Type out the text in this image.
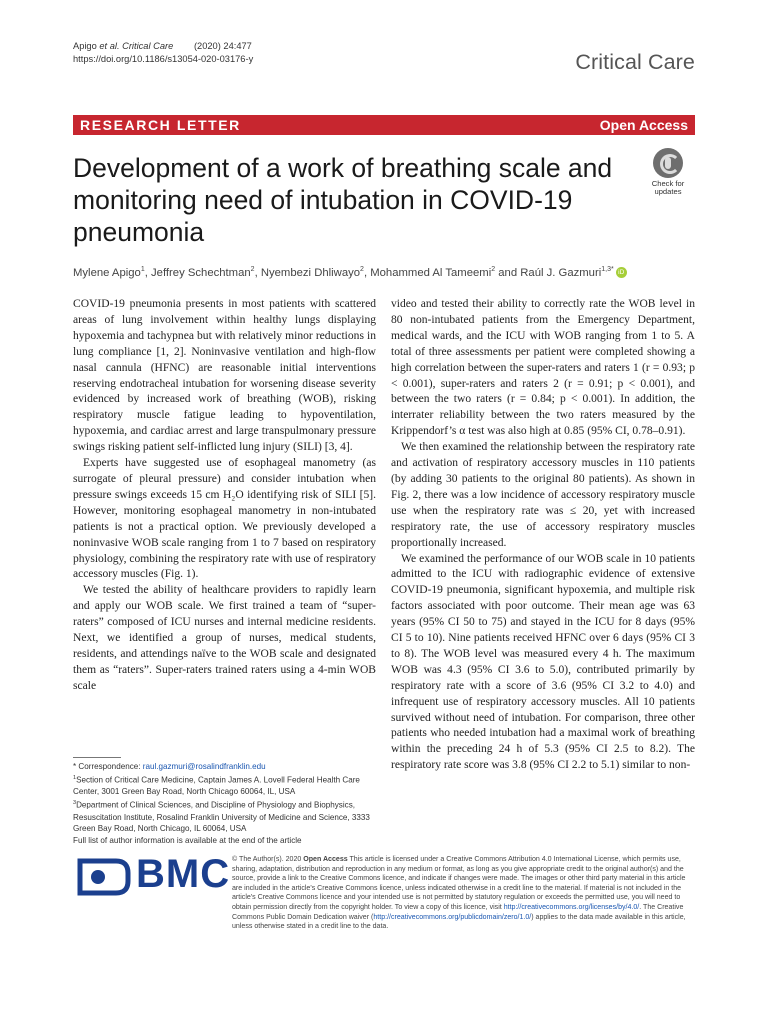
Apigo et al. Critical Care (2020) 24:477
https://doi.org/10.1186/s13054-020-03176-y	Critical Care
RESEARCH LETTER	Open Access
Development of a work of breathing scale and monitoring need of intubation in COVID-19 pneumonia
Check for
updates
Mylene Apigo$^1$, Jeffrey Schechtman$^2$, Nyembezi Dhliwayo$^2$, Mohammed Al Tameemi$^2$ and Raúl J. Gazmuri$^{1,3*}$ iD

COVID-19 pneumonia presents in most patients with scattered areas of lung involvement within healthy lungs displaying hypoxemia and tachypnea but with relatively minor reductions in lung compliance [1, 2]. Noninvasive ventilation and high-flow nasal cannula (HFNC) are reasonable initial interventions reserving endotracheal intubation for worsening disease severity evidenced by increased work of breathing (WOB), risking respiratory muscle fatigue leading to hypoventilation, hypoxemia, and cardiac arrest and large transpulmonary pressure swings risking patient self-inflicted lung injury (SILI) [3, 4].

Experts have suggested use of esophageal manometry (as surrogate of pleural pressure) and consider intubation when pressure swings exceeds 15 cm H₂O identifying risk of SILI [5]. However, monitoring esophageal manometry in non-intubated patients is not a practical option. We previously developed a noninvasive WOB scale ranging from 1 to 7 based on respiratory physiology, combining the respiratory rate with use of respiratory accessory muscles (Fig. 1).

We tested the ability of healthcare providers to rapidly learn and apply our WOB scale. We first trained a team of “super-raters” composed of ICU nurses and internal medicine residents. Next, we identified a group of nurses, medical students, residents, and attendings naïve to the WOB scale and designated them as “raters”. Super-raters trained raters using a 4-min WOB scale

video and tested their ability to correctly rate the WOB level in 80 non-intubated patients from the Emergency Department, medical wards, and the ICU with WOB ranging from 1 to 5. A total of three assessments per patient were completed showing a high correlation between the super-raters and raters 1 (r = 0.93; p < 0.001), super-raters and raters 2 (r = 0.91; p < 0.001), and between the two raters (r = 0.84; p < 0.001). In addition, the interrater reliability between the two raters measured by the Krippendorf’s α test was also high at 0.85 (95% CI, 0.78–0.91).

We then examined the relationship between the respiratory rate and activation of respiratory accessory muscles in 110 patients (by adding 30 patients to the original 80 patients). As shown in Fig. 2, there was a low incidence of accessory respiratory muscle use when the respiratory rate was ≤ 20, yet with increased respiratory rate, the use of accessory respiratory muscles proportionally increased.

We examined the performance of our WOB scale in 10 patients admitted to the ICU with radiographic evidence of extensive COVID-19 pneumonia, significant hypoxemia, and multiple risk factors associated with poor outcome. Their mean age was 63 years (95% CI 50 to 75) and stayed in the ICU for 8 days (95% CI 5 to 10). Nine patients received HFNC over 6 days (95% CI 3 to 8). The WOB level was measured every 4 h. The maximum WOB was 4.3 (95% CI 3.6 to 5.0), contributed primarily by respiratory rate with a score of 3.6 (95% CI 3.2 to 4.0) and infrequent use of respiratory accessory muscles. All 10 patients survived without need of intubation. For comparison, three other patients who needed intubation had a maximal work of breathing within the preceding 24 h of 5.3 (95% CI 2.5 to 8.2). The respiratory rate score was 3.8 (95% CI 2.2 to 5.1) similar to non-

* Correspondence: raul.gazmuri@rosalindfranklin.edu

$^1$Section of Critical Care Medicine, Captain James A. Lovell Federal Health Care Center, 3001 Green Bay Road, North Chicago 60064, IL, USA

$^3$Department of Clinical Sciences, and Discipline of Physiology and Biophysics, Resuscitation Institute, Rosalind Franklin University of Medicine and Science, 3333 Green Bay Road, North Chicago, IL 60064, USA

Full list of author information is available at the end of the article

BMC © The Author(s). 2020 Open Access This article is licensed under a Creative Commons Attribution 4.0 International License, which permits use, sharing, adaptation, distribution and reproduction in any medium or format, as long as you give appropriate credit to the original author(s) and the source, provide a link to the Creative Commons licence, and indicate if changes were made. The images or other third party material in this article are included in the article's Creative Commons licence, unless indicated otherwise in a credit line to the material. If material is not included in the article's Creative Commons licence and your intended use is not permitted by statutory regulation or exceeds the permitted use, you will need to obtain permission directly from the copyright holder. To view a copy of this licence, visit http://creativecommons.org/licenses/by/4.0/. The Creative Commons Public Domain Dedication waiver (http://creativecommons.org/publicdomain/zero/1.0/) applies to the data made available in this article, unless otherwise stated in a credit line to the data.
